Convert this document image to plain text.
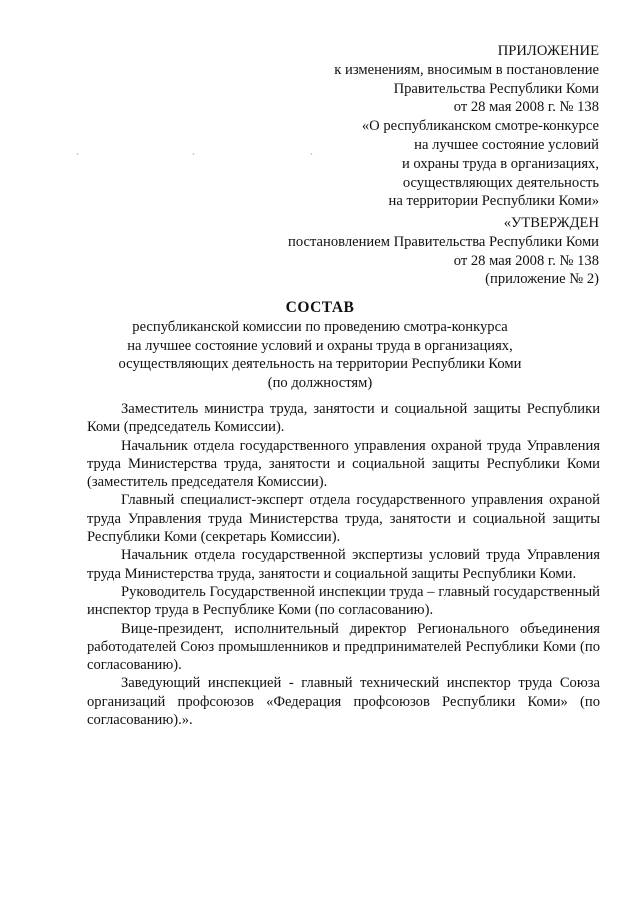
ПРИЛОЖЕНИЕ
к изменениям, вносимым в постановление
Правительства Республики Коми
от 28 мая 2008 г. № 138
«О республиканском смотре-конкурсе
на лучшее состояние условий
и охраны труда в организациях,
осуществляющих деятельность
на территории Республики Коми»
`	`	`
«УТВЕРЖДЕН
постановлением Правительства Республики Коми
от 28 мая 2008 г. № 138
(приложение № 2)
СОСТАВ
республиканской комиссии по проведению смотра-конкурса
на лучшее состояние условий и охраны труда в организациях,
осуществляющих деятельность на территории Республики Коми
(по должностям)

Заместитель министра труда, занятости и социальной защиты Республики Коми (председатель Комиссии).

Начальник отдела государственного управления охраной труда Управления труда Министерства труда, занятости и социальной защиты Республики Коми (заместитель председателя Комиссии).

Главный специалист-эксперт отдела государственного управления охраной труда Управления труда Министерства труда, занятости и социальной защиты Республики Коми (секретарь Комиссии).

Начальник отдела государственной экспертизы условий труда Управления труда Министерства труда, занятости и социальной защиты Республики Коми.

Руководитель Государственной инспекции труда – главный государственный инспектор труда в Республике Коми (по согласованию).

Вице-президент, исполнительный директор Регионального объединения работодателей Союз промышленников и предпринимателей Республики Коми (по согласованию).

Заведующий инспекцией - главный технический инспектор труда Союза организаций профсоюзов «Федерация профсоюзов Республики Коми» (по согласованию).».
